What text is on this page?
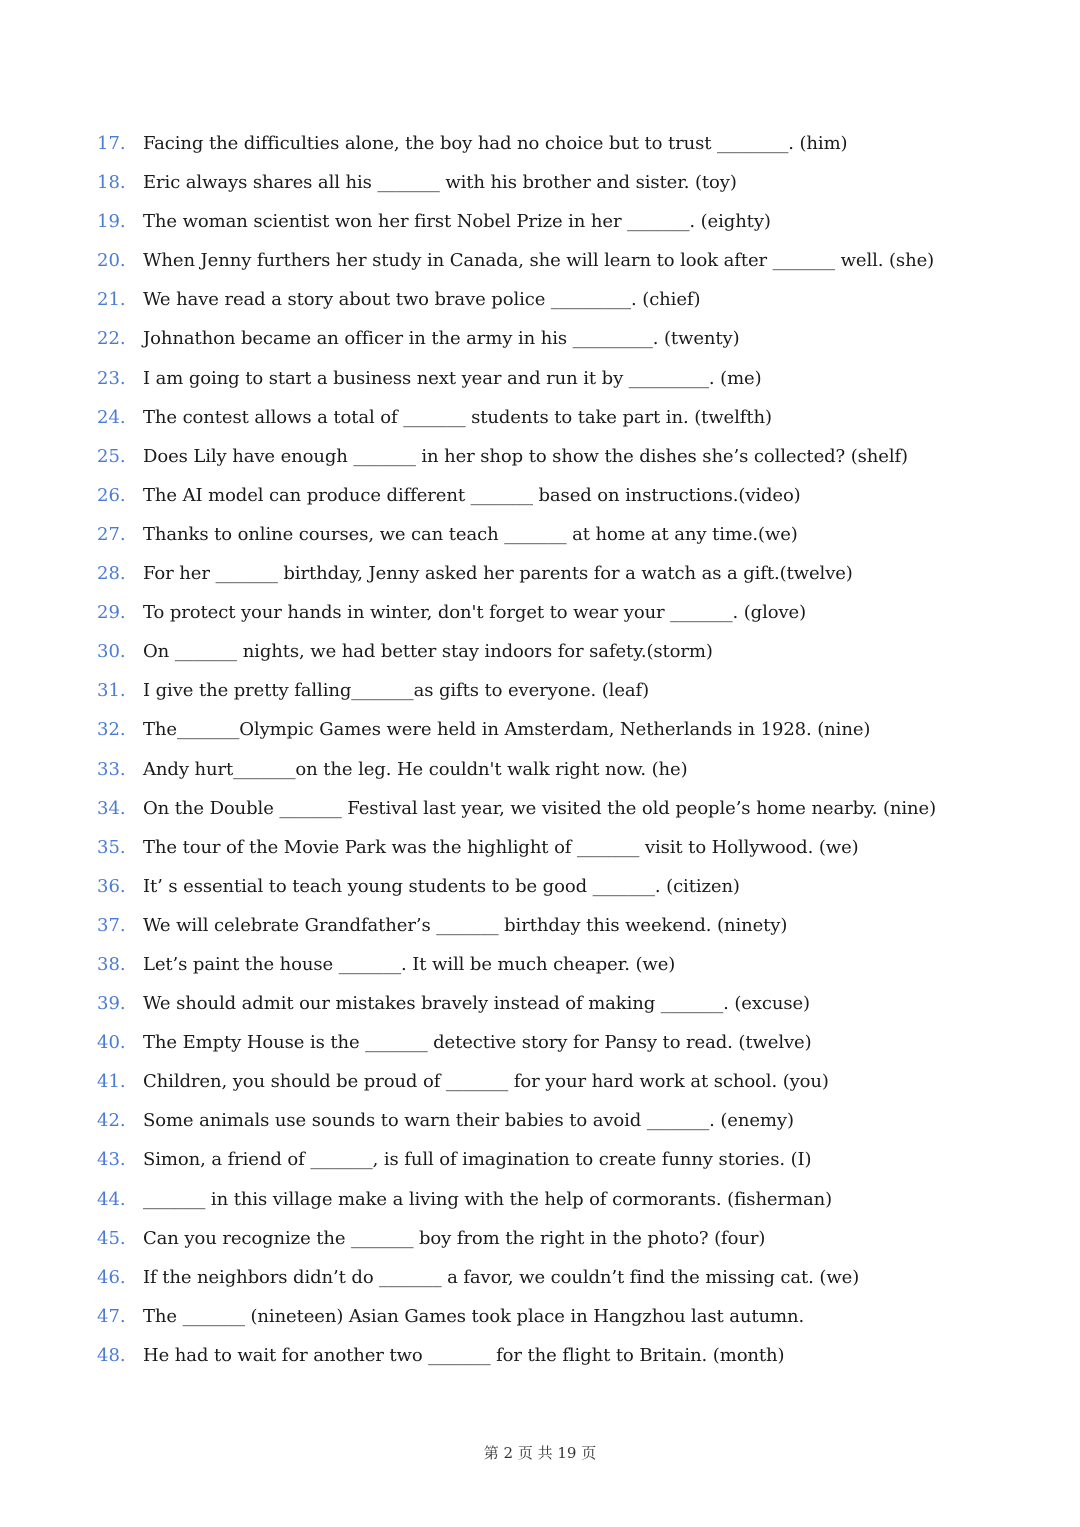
17. Facing the difficulties alone, the boy had no choice but to trust ________. (him)
18. Eric always shares all his _______ with his brother and sister. (toy)
19. The woman scientist won her first Nobel Prize in her _______. (eighty)
20. When Jenny furthers her study in Canada, she will learn to look after _______ well. (she)
21. We have read a story about two brave police _________. (chief)
22. Johnathon became an officer in the army in his _________. (twenty)
23. I am going to start a business next year and run it by _________. (me)
24. The contest allows a total of _______ students to take part in. (twelfth)
25. Does Lily have enough _______ in her shop to show the dishes she’s collected? (shelf)
26. The AI model can produce different _______ based on instructions.(video)
27. Thanks to online courses, we can teach _______ at home at any time.(we)
28. For her _______ birthday, Jenny asked her parents for a watch as a gift.(twelve)
29. To protect your hands in winter, don't forget to wear your _______. (glove)
30. On _______ nights, we had better stay indoors for safety.(storm)
31. I give the pretty falling_______as gifts to everyone. (leaf)
32. The_______Olympic Games were held in Amsterdam, Netherlands in 1928. (nine)
33. Andy hurt_______on the leg. He couldn't walk right now. (he)
34. On the Double _______ Festival last year, we visited the old people’s home nearby. (nine)
35. The tour of the Movie Park was the highlight of _______ visit to Hollywood. (we)
36. It’ s essential to teach young students to be good _______. (citizen)
37. We will celebrate Grandfather’s _______ birthday this weekend. (ninety)
38. Let’s paint the house _______. It will be much cheaper. (we)
39. We should admit our mistakes bravely instead of making _______. (excuse)
40. The Empty House is the _______ detective story for Pansy to read. (twelve)
41. Children, you should be proud of _______ for your hard work at school. (you)
42. Some animals use sounds to warn their babies to avoid _______. (enemy)
43. Simon, a friend of _______, is full of imagination to create funny stories. (I)
44. _______ in this village make a living with the help of cormorants. (fisherman)
45. Can you recognize the _______ boy from the right in the photo? (four)
46. If the neighbors didn’t do _______ a favor, we couldn’t find the missing cat. (we)
47. The _______ (nineteen) Asian Games took place in Hangzhou last autumn.
48. He had to wait for another two _______ for the flight to Britain. (month)
第 2 页 共 19 页
